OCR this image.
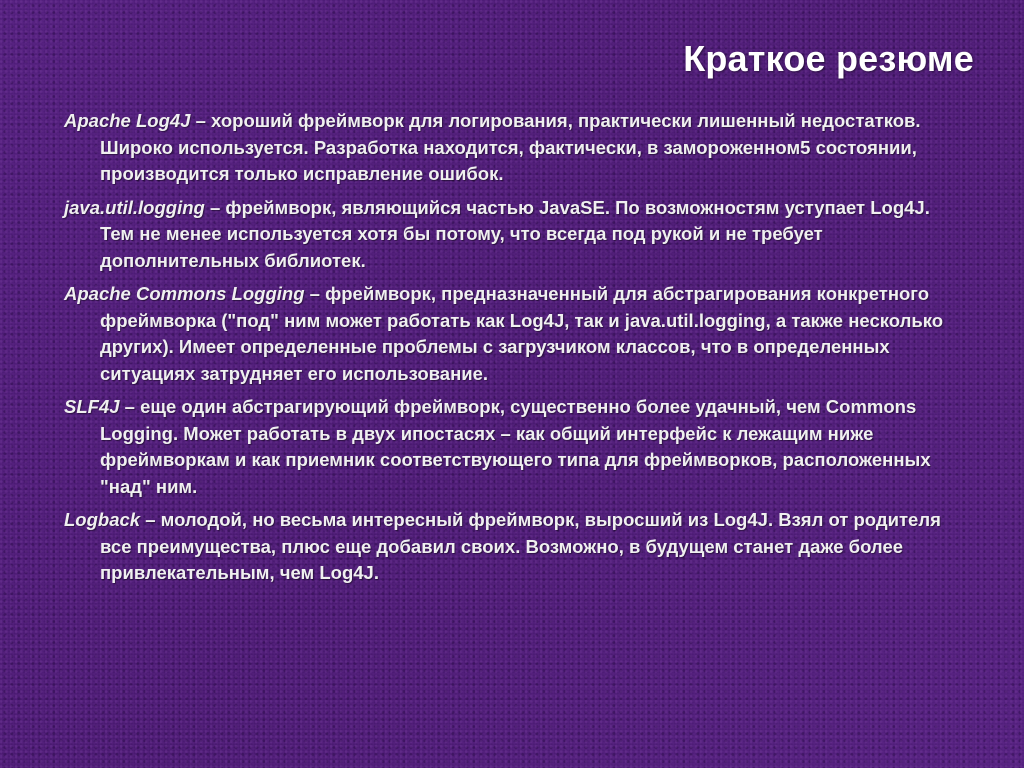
Краткое резюме
Apache Log4J – хороший фреймворк для логирования, практически лишенный недостатков. Широко используется. Разработка находится, фактически, в замороженном5 состоянии, производится только исправление ошибок.
java.util.logging – фреймворк, являющийся частью JavaSE. По возможностям уступает Log4J. Тем не менее используется хотя бы потому, что всегда под рукой и не требует дополнительных библиотек.
Apache Commons Logging – фреймворк, предназначенный для абстрагирования конкретного фреймворка ("под" ним может работать как Log4J, так и java.util.logging, а также несколько других). Имеет определенные проблемы с загрузчиком классов, что в определенных ситуациях затрудняет его использование.
SLF4J – еще один абстрагирующий фреймворк, существенно более удачный, чем Commons Logging. Может работать в двух ипостасях – как общий интерфейс к лежащим ниже фреймворкам и как приемник соответствующего типа для фреймворков, расположенных "над" ним.
Logback – молодой, но весьма интересный фреймворк, выросший из Log4J. Взял от родителя все преимущества, плюс еще добавил своих. Возможно, в будущем станет даже более привлекательным, чем Log4J.
